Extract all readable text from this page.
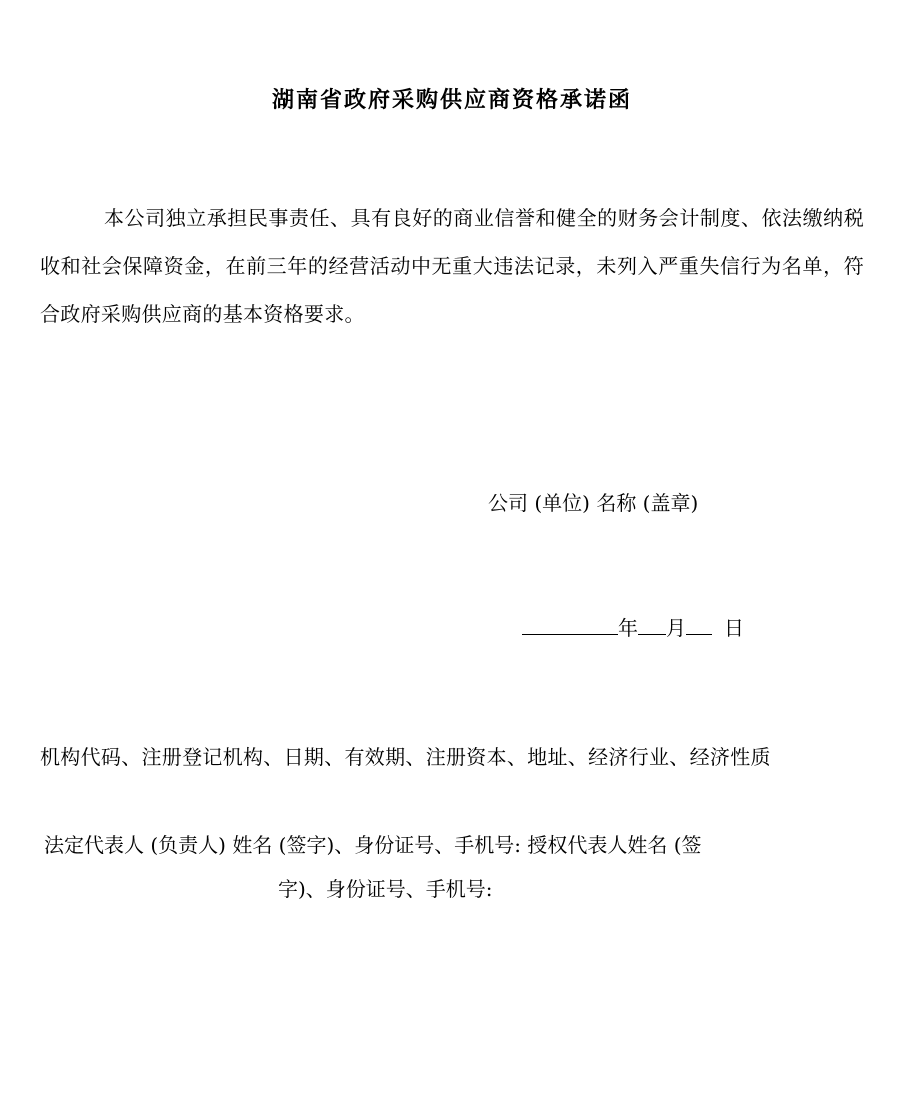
湖南省政府采购供应商资格承诺函

本公司独立承担民事责任、具有良好的商业信誉和健全的财务会计制度、依法缴纳税收和社会保障资金，在前三年的经营活动中无重大违法记录，未列入严重失信行为名单，符合政府采购供应商的基本资格要求。

公司 (单位) 名称 (盖章)
年 月 日
机构代码、注册登记机构、日期、有效期、注册资本、地址、经济行业、经济性质
法定代表人 (负责人) 姓名 (签字)、身份证号、手机号: 授权代表人姓名 (签
字)、身份证号、手机号:
